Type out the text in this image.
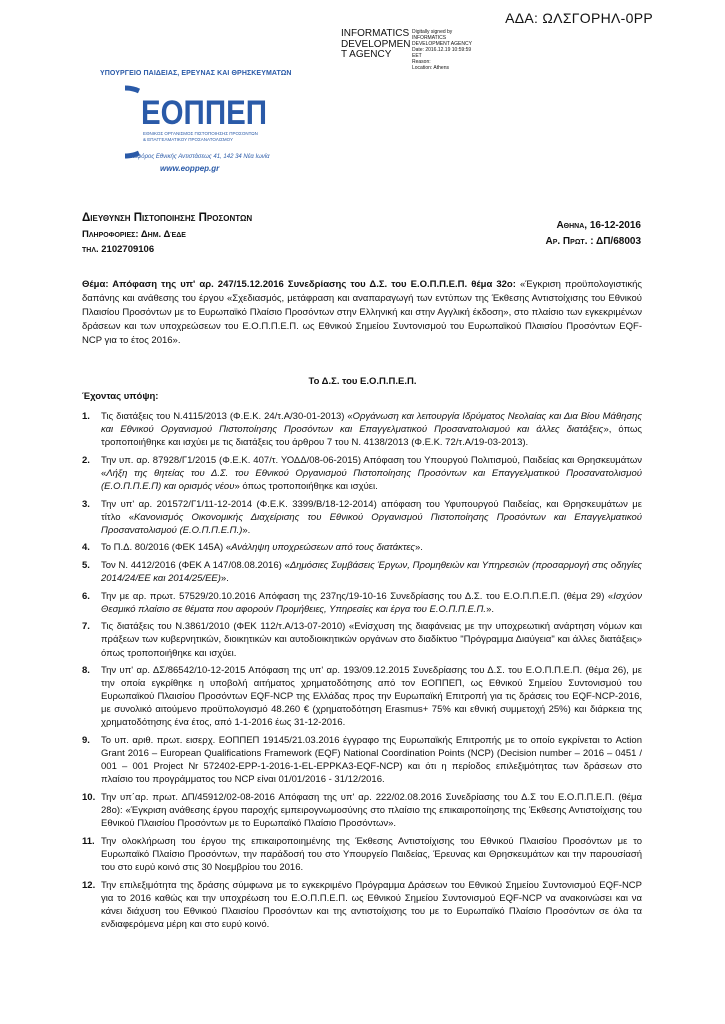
ΑΔΑ: ΩΛΣΓΟΡΗΛ-0ΡΡ
INFORMATICS DEVELOPMEN T AGENCY
Digitally signed by
INFORMATICS
DEVELOPMENT AGENCY
Date: 2016.12.19 10:59:59
EET
Reason:
Location: Athens
ΥΠΟΥΡΓΕΙΟ ΠΑΙΔΕΙΑΣ, ΕΡΕΥΝΑΣ ΚΑΙ ΘΡΗΣΚΕΥΜΑΤΩΝ
ΕΟΠΠΕΠ
ΕΘΝΙΚΟΣ ΟΡΓΑΝΙΣΜΟΣ ΠΙΣΤΟΠΟΙΗΣΗΣ ΠΡΟΣΟΝΤΩΝ
& ΕΠΑΓΓΕΛΜΑΤΙΚΟΥ ΠΡΟΣΑΝΑΤΟΛΙΣΜΟΥ
Λεωφόρος Εθνικής Αντιστάσεως 41, 142 34 Νέα Ιωνία
www.eoppep.gr
Διευθυνση Πιστοποιησης Προσοντων
Πληροφοριες: Δημ. Δέδε
τηλ. 2102709106
Αθηνα, 16-12-2016
Αρ. Πρωτ. : ΔΠ/68003
Θέμα: Απόφαση της υπ' αρ. 247/15.12.2016 Συνεδρίασης του Δ.Σ. του Ε.Ο.Π.Π.Ε.Π. θέμα 32ο: «Έγκριση προϋπολογιστικής δαπάνης και ανάθεσης του έργου «Σχεδιασμός, μετάφραση και αναπαραγωγή των εντύπων της Έκθεσης Αντιστοίχισης του Εθνικού Πλαισίου Προσόντων με το Ευρωπαϊκό Πλαίσιο Προσόντων στην Ελληνική και στην Αγγλική έκδοση», στο πλαίσιο των εγκεκριμένων δράσεων και των υποχρεώσεων του Ε.Ο.Π.Π.Ε.Π. ως Εθνικού Σημείου Συντονισμού του Ευρωπαϊκού Πλαισίου Προσόντων EQF-NCP για το έτος 2016».
Το Δ.Σ. του Ε.Ο.Π.Π.Ε.Π.
Έχοντας υπόψη:
1. Τις διατάξεις του Ν.4115/2013 (Φ.Ε.Κ. 24/τ.Α/30-01-2013) «Οργάνωση και λειτουργία Ιδρύματος Νεολαίας και Δια Βίου Μάθησης και Εθνικού Οργανισμού Πιστοποίησης Προσόντων και Επαγγελματικού Προσανατολισμού και άλλες διατάξεις», όπως τροποποιήθηκε και ισχύει με τις διατάξεις του άρθρου 7 του Ν. 4138/2013 (Φ.Ε.Κ. 72/τ.Α/19-03-2013).
2. Την υπ. αρ. 87928/Γ1/2015 (Φ.Ε.Κ. 407/τ. ΥΟΔΔ/08-06-2015) Απόφαση του Υπουργού Πολιτισμού, Παιδείας και Θρησκευμάτων «Λήξη της θητείας του Δ.Σ. του Εθνικού Οργανισμού Πιστοποίησης Προσόντων και Επαγγελματικού Προσανατολισμού (Ε.Ο.Π.Π.Ε.Π) και ορισμός νέου» όπως τροποποιήθηκε και ισχύει.
3. Την υπ' αρ. 201572/Γ1/11-12-2014 (Φ.Ε.Κ. 3399/Β/18-12-2014) απόφαση του Υφυπουργού Παιδείας, και Θρησκευμάτων με τίτλο «Κανονισμός Οικονομικής Διαχείρισης του Εθνικού Οργανισμού Πιστοποίησης Προσόντων και Επαγγελματικού Προσανατολισμού (Ε.Ο.Π.Π.Ε.Π.)».
4. Το Π.Δ. 80/2016 (ΦΕΚ 145Α) «Ανάληψη υποχρεώσεων από τους διατάκτες».
5. Τον Ν. 4412/2016 (ΦΕΚ Α 147/08.08.2016) «Δημόσιες Συμβάσεις Έργων, Προμηθειών και Υπηρεσιών (προσαρμογή στις οδηγίες 2014/24/ΕΕ και 2014/25/ΕΕ)».
6. Την με αρ. πρωτ. 57529/20.10.2016 Απόφαση της 237ης/19-10-16 Συνεδρίασης του Δ.Σ. του Ε.Ο.Π.Π.Ε.Π. (θέμα 29) «Ισχύον Θεσμικό πλαίσιο σε θέματα που αφορούν Προμήθειες, Υπηρεσίες και έργα του Ε.Ο.Π.Π.Ε.Π.».
7. Τις διατάξεις του Ν.3861/2010 (ΦΕΚ 112/τ.Α/13-07-2010) «Ενίσχυση της διαφάνειας με την υποχρεωτική ανάρτηση νόμων και πράξεων των κυβερνητικών, διοικητικών και αυτοδιοικητικών οργάνων στο διαδίκτυο "Πρόγραμμα Διαύγεια" και άλλες διατάξεις» όπως τροποποιήθηκε και ισχύει.
8. Την υπ' αρ. ΔΣ/86542/10-12-2015 Απόφαση της υπ' αρ. 193/09.12.2015 Συνεδρίασης του Δ.Σ. του Ε.Ο.Π.Π.Ε.Π. (θέμα 26), με την οποία εγκρίθηκε η υποβολή αιτήματος χρηματοδότησης από τον ΕΟΠΠΕΠ, ως Εθνικού Σημείου Συντονισμού του Ευρωπαϊκού Πλαισίου Προσόντων EQF-NCP της Ελλάδας προς την Ευρωπαϊκή Επιτροπή για τις δράσεις του EQF-NCP-2016, με συνολικό αιτούμενο προϋπολογισμό 48.260 € (χρηματοδότηση Erasmus+ 75% και εθνική συμμετοχή 25%) και διάρκεια της χρηματοδότησης ένα έτος, από 1-1-2016 έως 31-12-2016.
9. Το υπ. αριθ. πρωτ. εισερχ. ΕΟΠΠΕΠ 19145/21.03.2016 έγγραφο της Ευρωπαϊκής Επιτροπής με το οποίο εγκρίνεται το Action Grant 2016 – European Qualifications Framework (EQF) National Coordination Points (NCP) (Decision number – 2016 – 0451 / 001 – 001 Project Nr 572402-EPP-1-2016-1-EL-EPPKA3-EQF-NCP) και ότι η περίοδος επιλεξιμότητας των δράσεων στο πλαίσιο του προγράμματος του NCP είναι 01/01/2016 - 31/12/2016.
10. Την υπ΄αρ. πρωτ. ΔΠ/45912/02-08-2016 Απόφαση της υπ' αρ. 222/02.08.2016 Συνεδρίασης του Δ.Σ του Ε.Ο.Π.Π.Ε.Π. (θέμα 28ο): «Έγκριση ανάθεσης έργου παροχής εμπειρογνωμοσύνης στο πλαίσιο της επικαιροποίησης της Έκθεσης Αντιστοίχισης του Εθνικού Πλαισίου Προσόντων με το Ευρωπαϊκό Πλαίσιο Προσόντων».
11. Την ολοκλήρωση του έργου της επικαιροποιημένης της Έκθεσης Αντιστοίχισης του Εθνικού Πλαισίου Προσόντων με το Ευρωπαϊκό Πλαίσιο Προσόντων, την παράδοσή του στο Υπουργείο Παιδείας, Έρευνας και Θρησκευμάτων και την παρουσίασή του στο ευρύ κοινό στις 30 Νοεμβρίου του 2016.
12. Την επιλεξιμότητα της δράσης σύμφωνα με το εγκεκριμένο Πρόγραμμα Δράσεων του Εθνικού Σημείου Συντονισμού EQF-NCP για το 2016 καθώς και την υποχρέωση του Ε.Ο.Π.Π.Ε.Π. ως Εθνικού Σημείου Συντονισμού EQF-NCP να ανακοινώσει και να κάνει διάχυση του Εθνικού Πλαισίου Προσόντων και της αντιστοίχισης του με το Ευρωπαϊκό Πλαίσιο Προσόντων σε όλα τα ενδιαφερόμενα μέρη και στο ευρύ κοινό.
